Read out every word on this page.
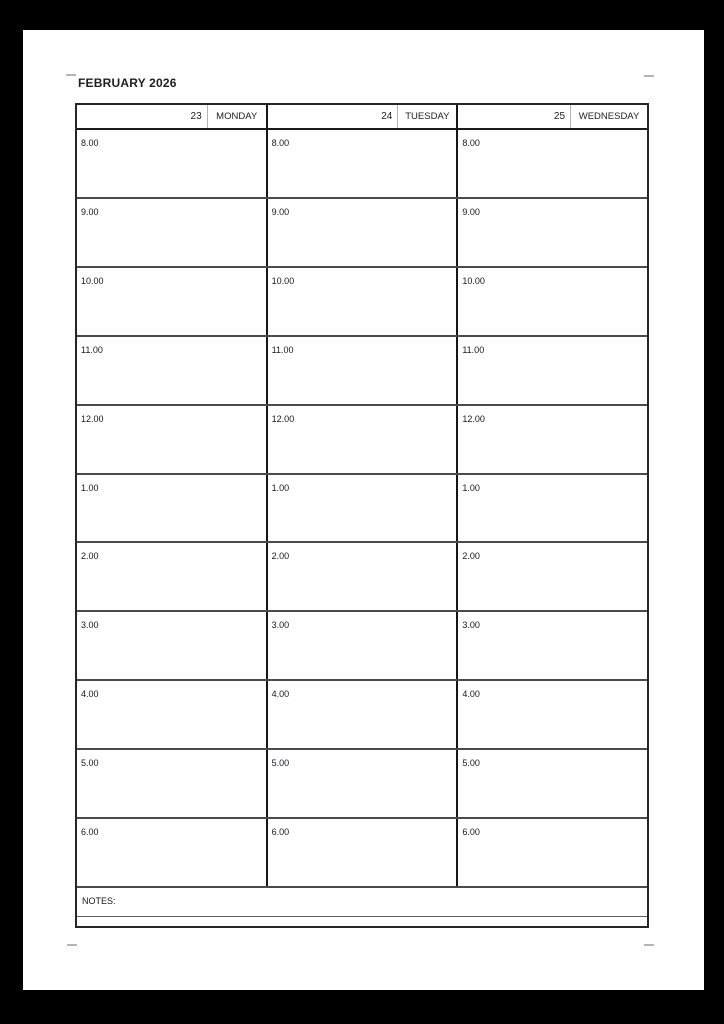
FEBRUARY 2026
23	MONDAY	24	TUESDAY	25	WEDNESDAY
8.00	8.00	8.00
9.00	9.00	9.00
10.00	10.00	10.00
11.00	11.00	11.00
12.00	12.00	12.00
1.00	1.00	1.00
2.00	2.00	2.00
3.00	3.00	3.00
4.00	4.00	4.00
5.00	5.00	5.00
6.00	6.00	6.00
NOTES:
